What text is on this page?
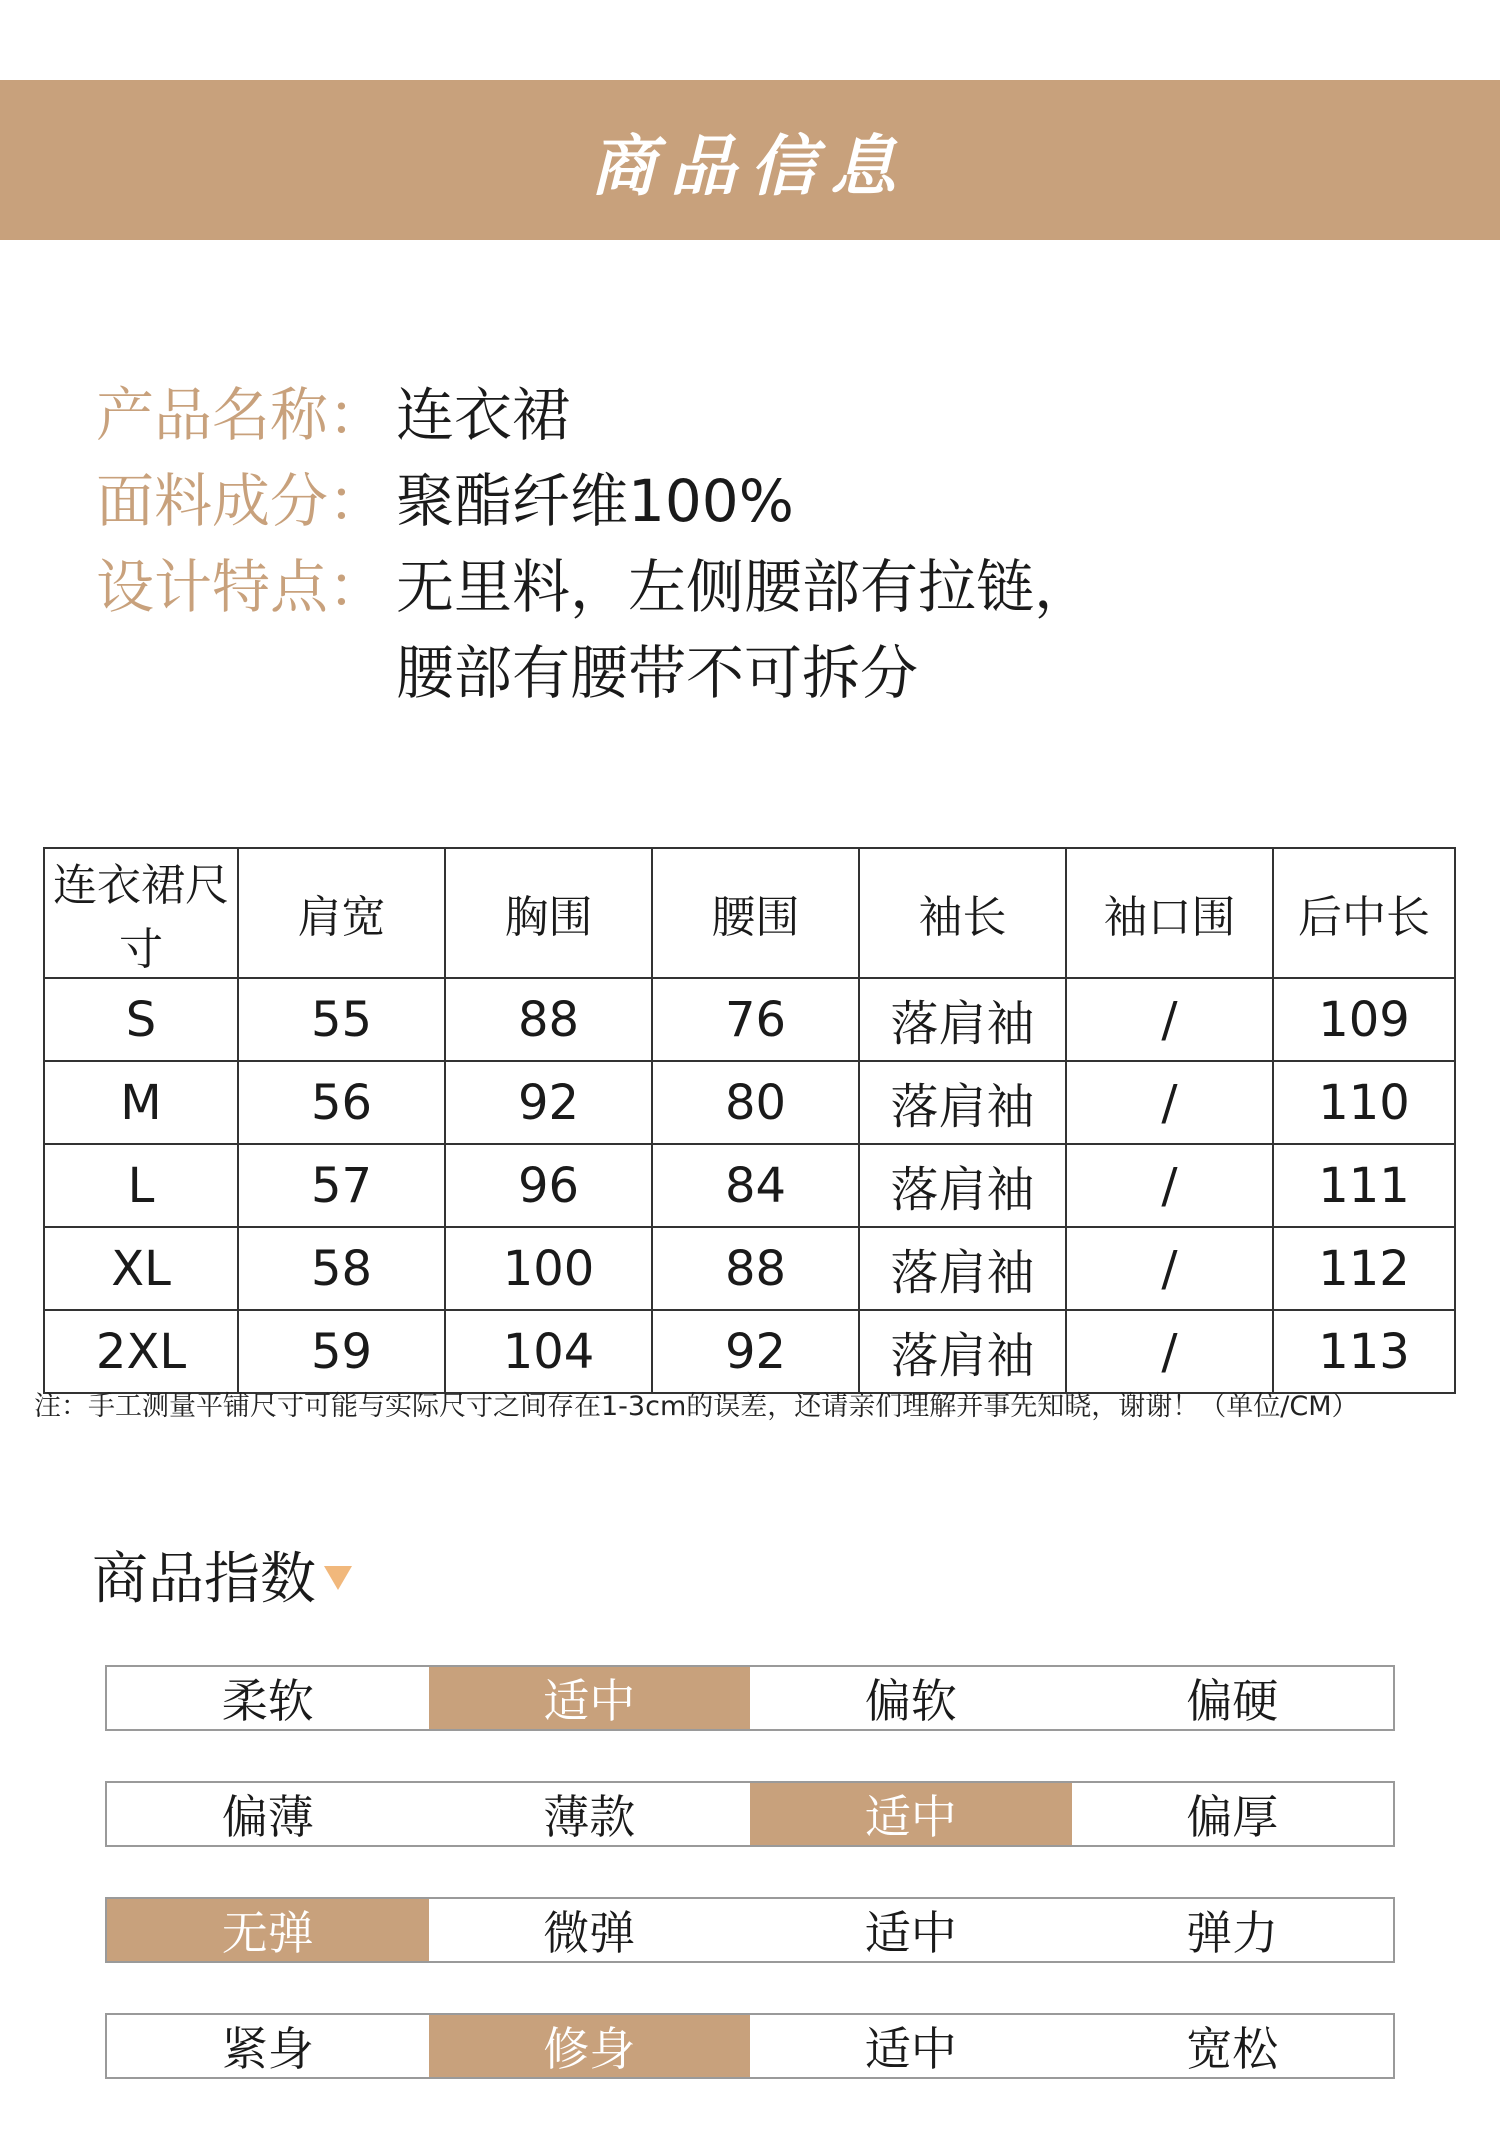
商品信息
产品名称： 连衣裙
面料成分： 聚酯纤维100%
设计特点： 无里料，左侧腰部有拉链，
腰部有腰带不可拆分
连衣裙尺寸	肩宽	胸围	腰围	袖长	袖口围	后中长
S	55	88	76	落肩袖	/	109
M	56	92	80	落肩袖	/	110
L	57	96	84	落肩袖	/	111
XL	58	100	88	落肩袖	/	112
2XL	59	104	92	落肩袖	/	113
注：手工测量平铺尺寸可能与实际尺寸之间存在1-3cm的误差，还请亲们理解并事先知晓，谢谢！（单位/CM）
商品指数
柔软	适中	偏软	偏硬
偏薄	薄款	适中	偏厚
无弹	微弹	适中	弹力
紧身	修身	适中	宽松
